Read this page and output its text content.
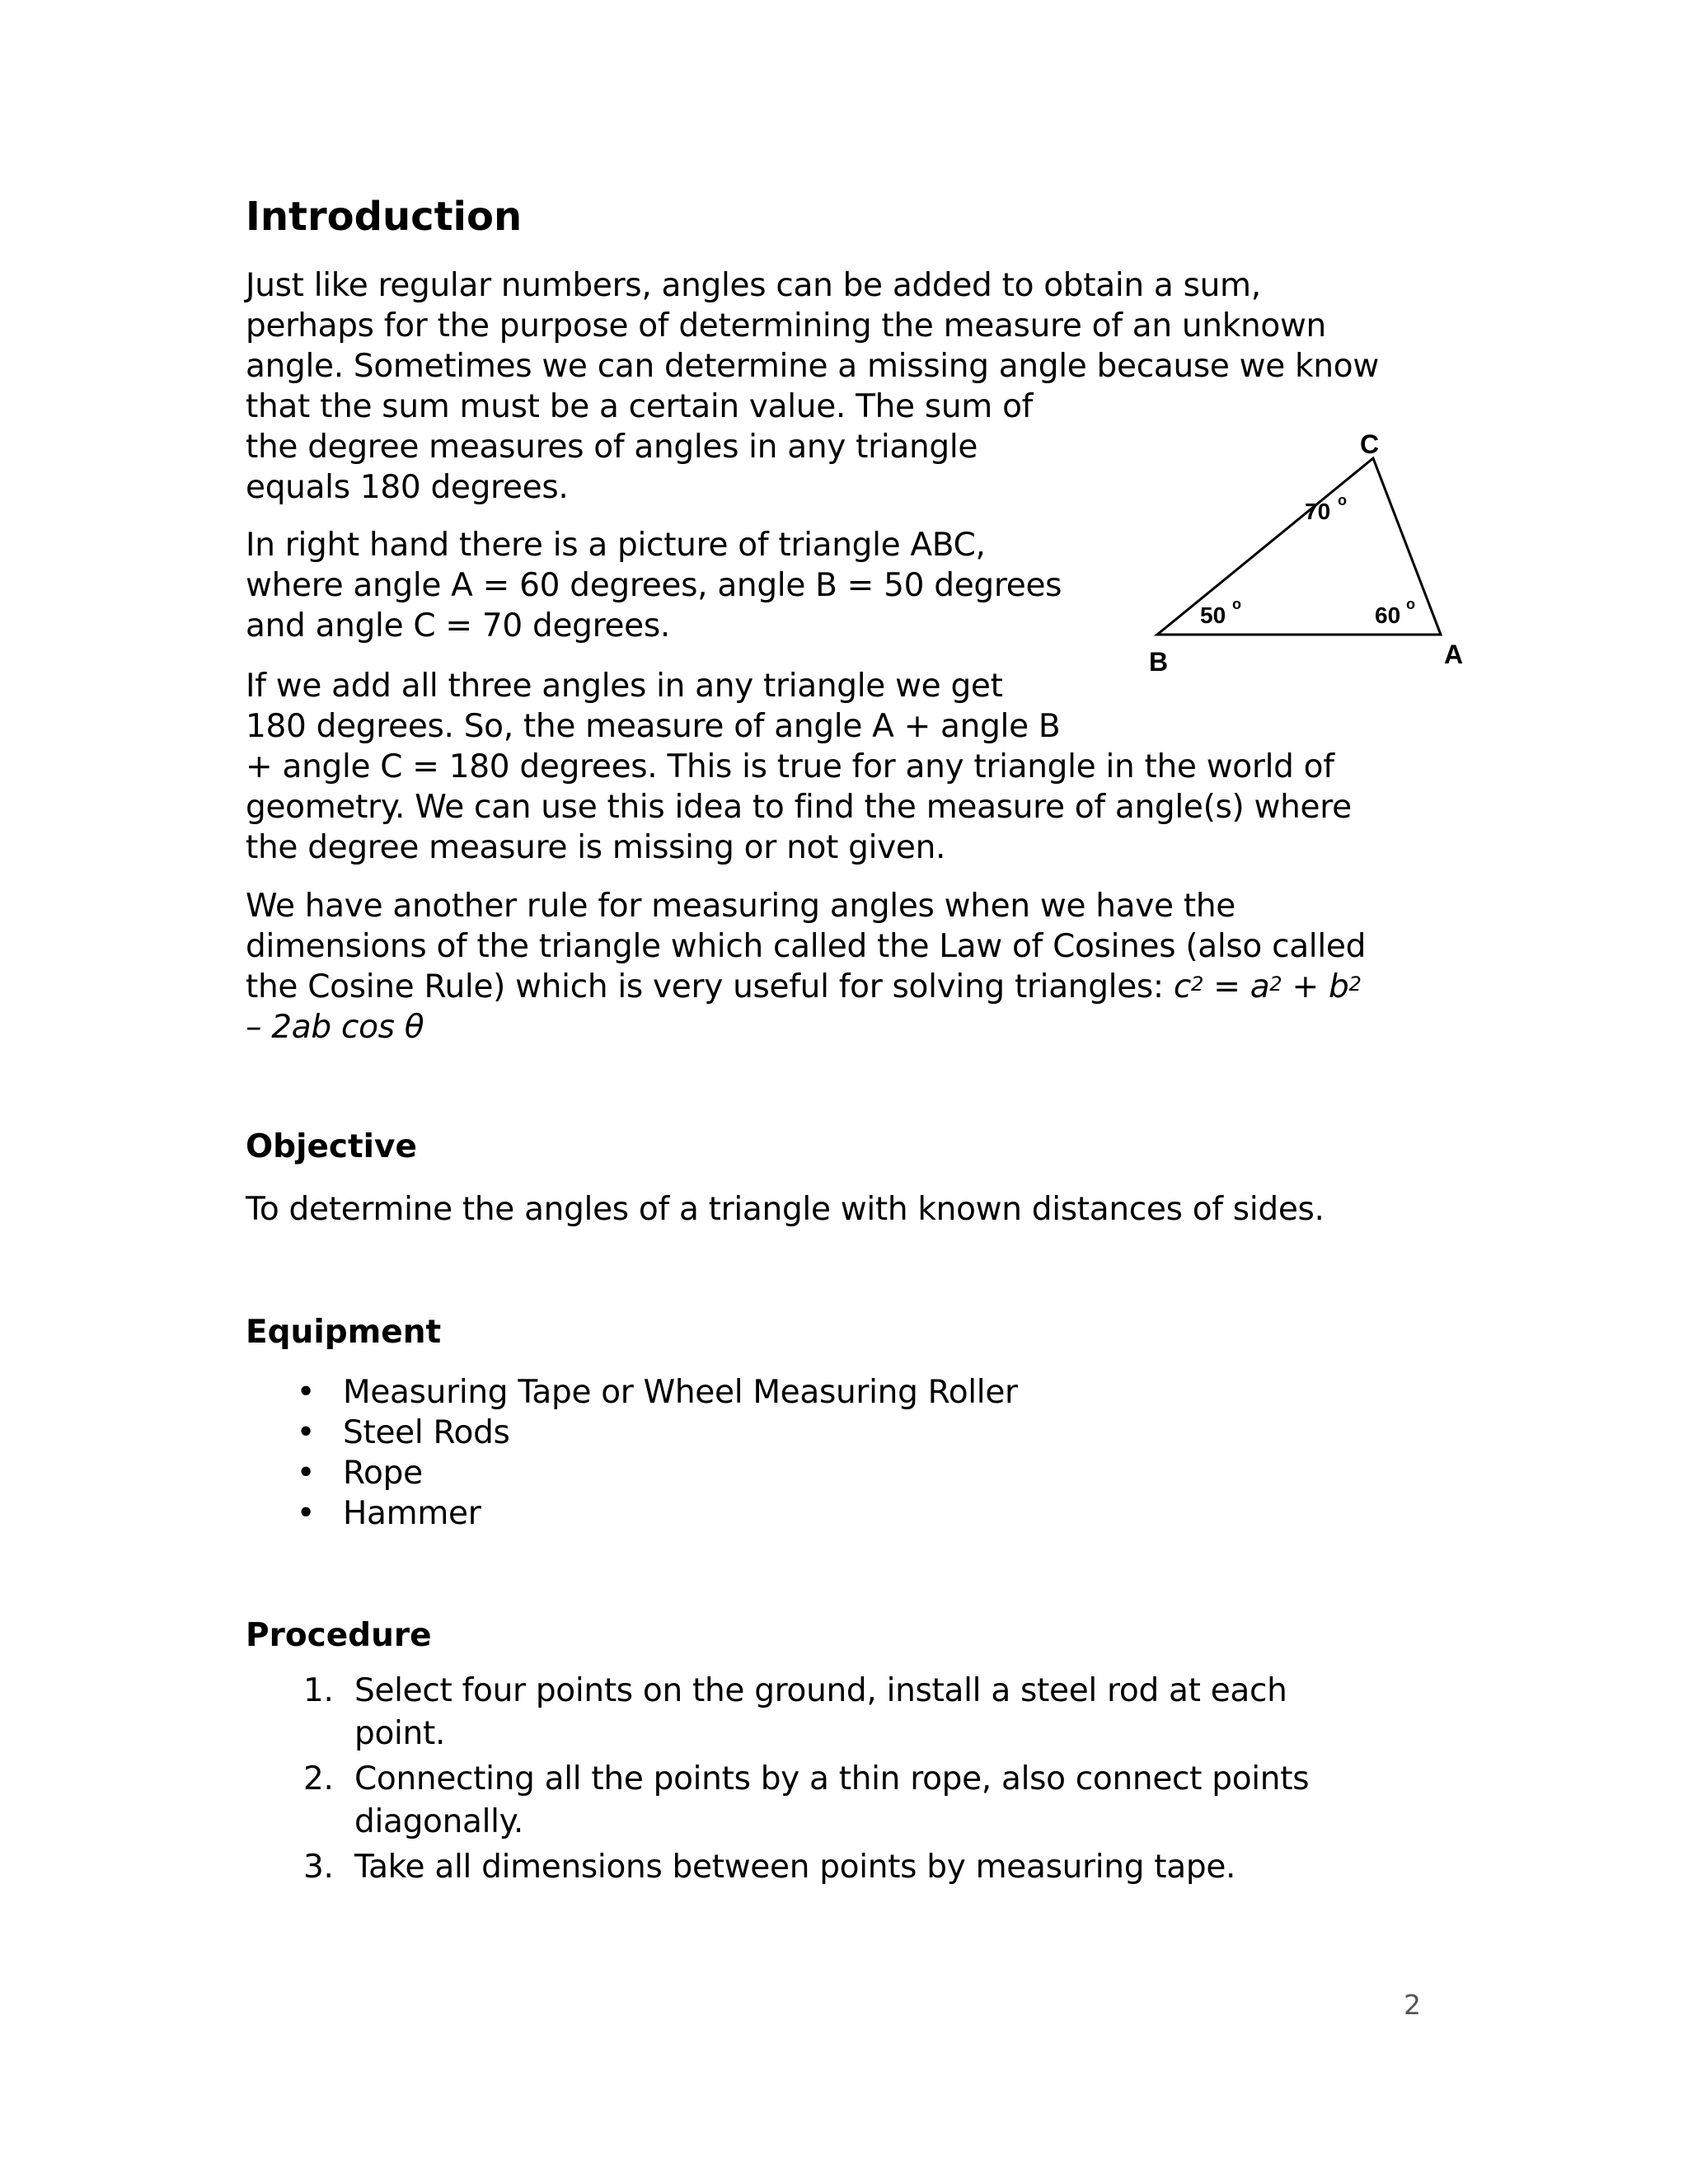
Introduction

Just like regular numbers, angles can be added to obtain a sum,
perhaps for the purpose of determining the measure of an unknown
angle. Sometimes we can determine a missing angle because we know
that the sum must be a certain value. The sum of
the degree measures of angles in any triangle
equals 180 degrees.

In right hand there is a picture of triangle ABC,
where angle A = 60 degrees, angle B = 50 degrees
and angle C = 70 degrees.

C
B	A
70 o
50 o	60 o

If we add all three angles in any triangle we get
180 degrees. So, the measure of angle A + angle B
+ angle C = 180 degrees. This is true for any triangle in the world of
geometry. We can use this idea to find the measure of angle(s) where
the degree measure is missing or not given.

We have another rule for measuring angles when we have the
dimensions of the triangle which called the Law of Cosines (also called
the Cosine Rule) which is very useful for solving triangles: $c^2 = a^2 + b^2$
– 2ab cos θ

Objective

To determine the angles of a triangle with known distances of sides.

Equipment
• Measuring Tape or Wheel Measuring Roller
• Steel Rods
• Rope
• Hammer
Procedure
1. Select four points on the ground, install a steel rod at each
point.
2. Connecting all the points by a thin rope, also connect points
diagonally.
3. Take all dimensions between points by measuring tape.
2
